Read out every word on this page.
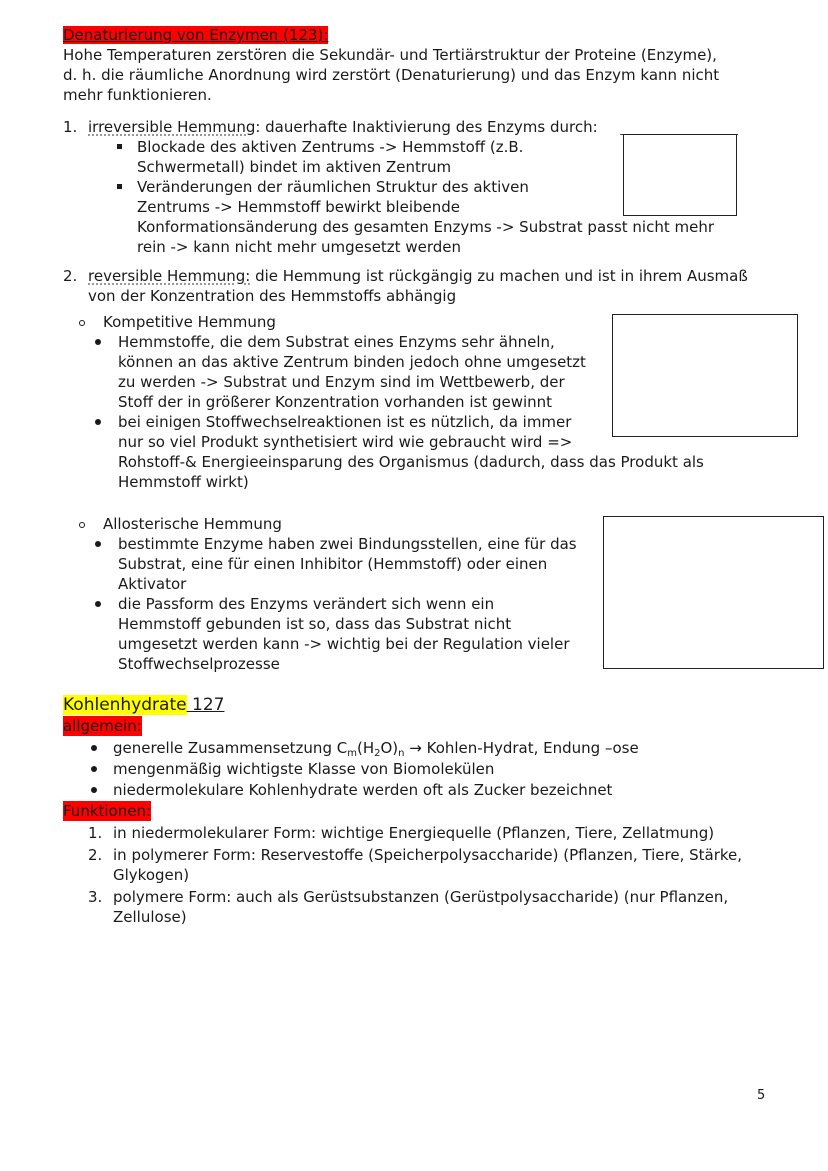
Denaturierung von Enzymen (123):
Hohe Temperaturen zerstören die Sekundär- und Tertiärstruktur der Proteine (Enzyme),
d. h. die räumliche Anordnung wird zerstört (Denaturierung) und das Enzym kann nicht
mehr funktionieren.
1. irreversible Hemmung: dauerhafte Inaktivierung des Enzyms durch:
Blockade des aktiven Zentrums -> Hemmstoff (z.B.
Schwermetall) bindet im aktiven Zentrum
Veränderungen der räumlichen Struktur des aktiven
Zentrums -> Hemmstoff bewirkt bleibende
Konformationsänderung des gesamten Enzyms -> Substrat passt nicht mehr
rein -> kann nicht mehr umgesetzt werden
2. reversible Hemmung: die Hemmung ist rückgängig zu machen und ist in ihrem Ausmaß
von der Konzentration des Hemmstoffs abhängig
Kompetitive Hemmung
Hemmstoffe, die dem Substrat eines Enzyms sehr ähneln,
können an das aktive Zentrum binden jedoch ohne umgesetzt
zu werden -> Substrat und Enzym sind im Wettbewerb, der
Stoff der in größerer Konzentration vorhanden ist gewinnt
bei einigen Stoffwechselreaktionen ist es nützlich, da immer
nur so viel Produkt synthetisiert wird wie gebraucht wird =>
Rohstoff-& Energieeinsparung des Organismus (dadurch, dass das Produkt als
Hemmstoff wirkt)
Allosterische Hemmung
bestimmte Enzyme haben zwei Bindungsstellen, eine für das
Substrat, eine für einen Inhibitor (Hemmstoff) oder einen
Aktivator
die Passform des Enzyms verändert sich wenn ein
Hemmstoff gebunden ist so, dass das Substrat nicht
umgesetzt werden kann -> wichtig bei der Regulation vieler
Stoffwechselprozesse
Kohlenhydrate 127
allgemein:
generelle Zusammensetzung $C_m(H_2O)_n$ → Kohlen-Hydrat, Endung –ose
mengenmäßig wichtigste Klasse von Biomolekülen
niedermolekulare Kohlenhydrate werden oft als Zucker bezeichnet
Funktionen:
1. in niedermolekularer Form: wichtige Energiequelle (Pflanzen, Tiere, Zellatmung)
2. in polymerer Form: Reservestoffe (Speicherpolysaccharide) (Pflanzen, Tiere, Stärke,
Glykogen)
3. polymere Form: auch als Gerüstsubstanzen (Gerüstpolysaccharide) (nur Pflanzen,
Zellulose)
5
